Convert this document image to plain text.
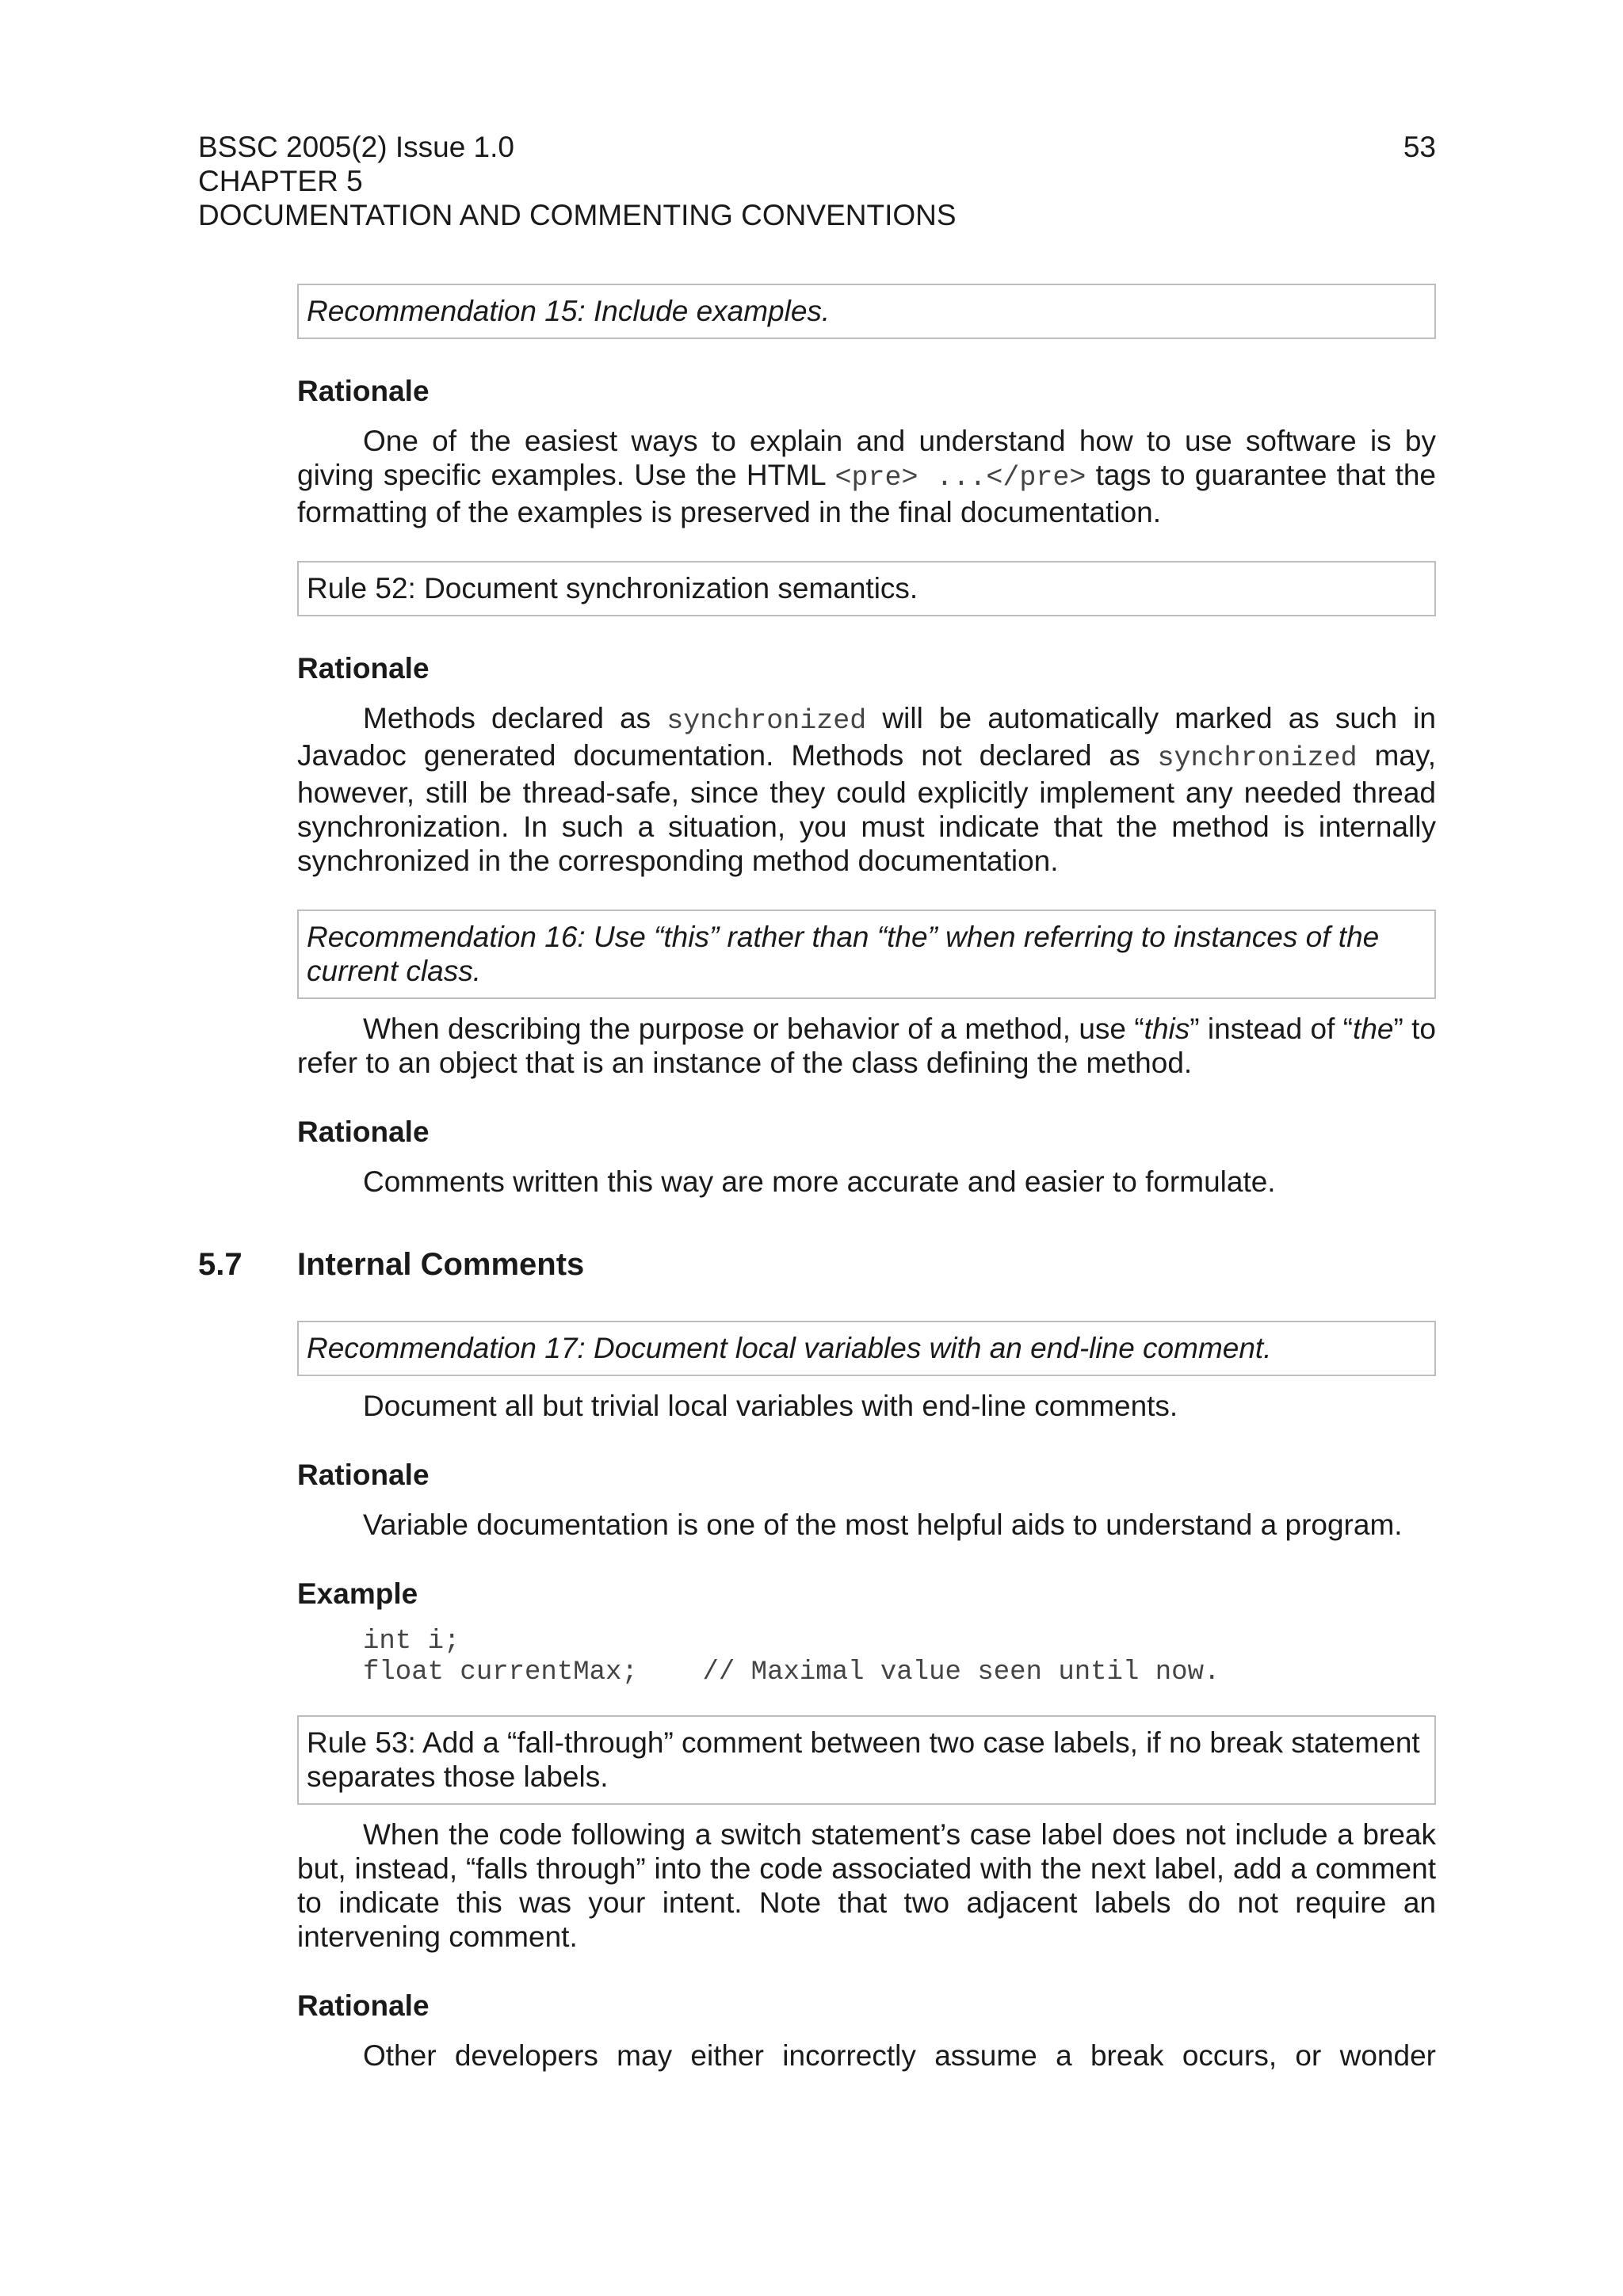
53
BSSC 2005(2) Issue 1.0
CHAPTER 5
DOCUMENTATION AND COMMENTING CONVENTIONS
Recommendation 15: Include examples.
Rationale
One of the easiest ways to explain and understand how to use software is by giving specific examples. Use the HTML <pre> ...</pre> tags to guarantee that the formatting of the examples is preserved in the final documentation.
Rule 52: Document synchronization semantics.
Rationale
Methods declared as synchronized will be automatically marked as such in Javadoc generated documentation. Methods not declared as synchronized may, however, still be thread-safe, since they could explicitly implement any needed thread synchronization. In such a situation, you must indicate that the method is internally synchronized in the corresponding method documentation.
Recommendation 16: Use “this” rather than “the” when referring to instances of the current class.
When describing the purpose or behavior of a method, use “this” instead of “the” to refer to an object that is an instance of the class defining the method.
Rationale
Comments written this way are more accurate and easier to formulate.
5.7 Internal Comments
Recommendation 17: Document local variables with an end-line comment.
Document all but trivial local variables with end-line comments.
Rationale
Variable documentation is one of the most helpful aids to understand a program.
Example
int i;
float currentMax;    // Maximal value seen until now.
Rule 53: Add a “fall-through” comment between two case labels, if no break statement separates those labels.
When the code following a switch statement’s case label does not include a break but, instead, “falls through” into the code associated with the next label, add a comment to indicate this was your intent. Note that two adjacent labels do not require an intervening comment.
Rationale
Other developers may either incorrectly assume a break occurs, or wonder
